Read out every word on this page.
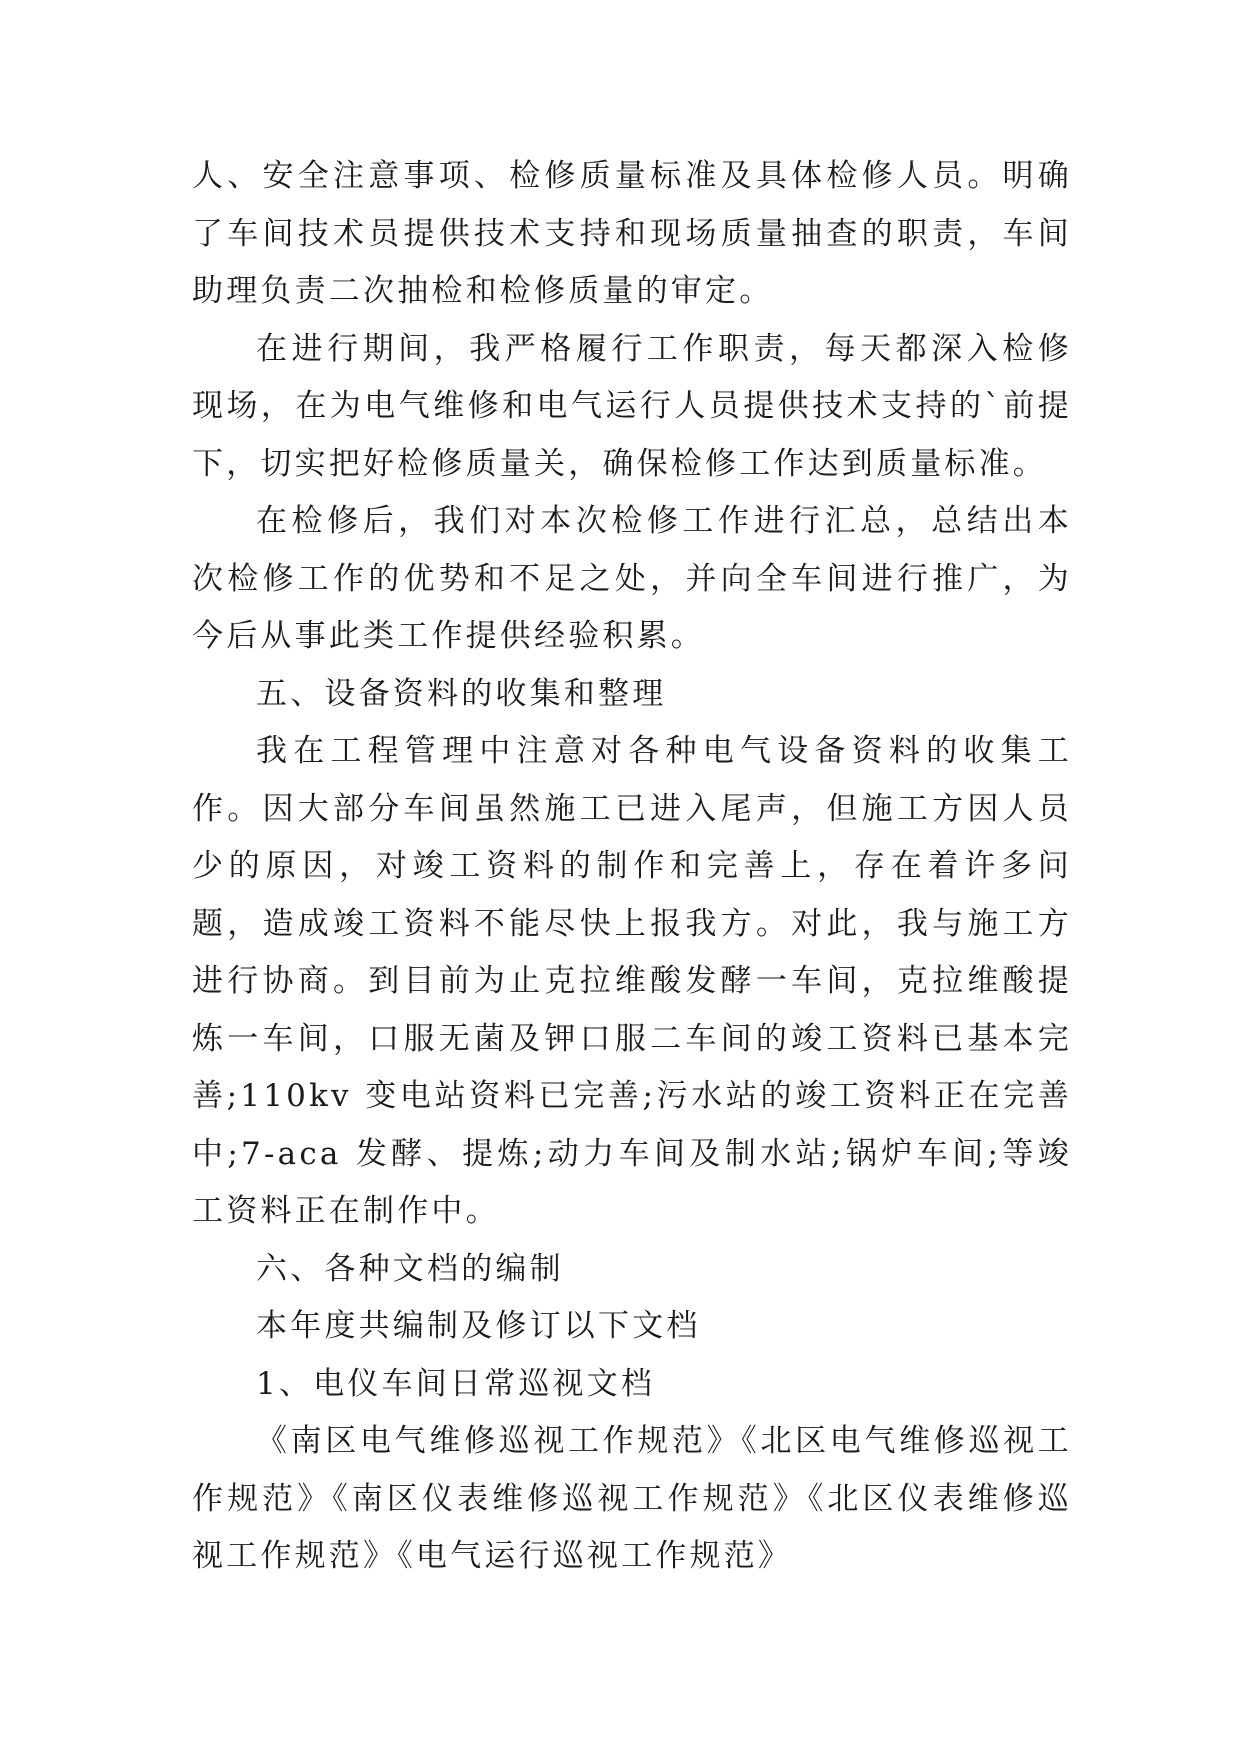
人、安全注意事项、检修质量标准及具体检修人员。明确了车间技术员提供技术支持和现场质量抽查的职责，车间助理负责二次抽检和检修质量的审定。

在进行期间，我严格履行工作职责，每天都深入检修现场，在为电气维修和电气运行人员提供技术支持的`前提下，切实把好检修质量关，确保检修工作达到质量标准。

在检修后，我们对本次检修工作进行汇总，总结出本次检修工作的优势和不足之处，并向全车间进行推广，为今后从事此类工作提供经验积累。

五、设备资料的收集和整理

我在工程管理中注意对各种电气设备资料的收集工作。因大部分车间虽然施工已进入尾声，但施工方因人员少的原因，对竣工资料的制作和完善上，存在着许多问题，造成竣工资料不能尽快上报我方。对此，我与施工方进行协商。到目前为止克拉维酸发酵一车间，克拉维酸提炼一车间，口服无菌及钾口服二车间的竣工资料已基本完善;110kv 变电站资料已完善;污水站的竣工资料正在完善中;7-aca 发酵、提炼;动力车间及制水站;锅炉车间;等竣工资料正在制作中。

六、各种文档的编制

本年度共编制及修订以下文档

1、电仪车间日常巡视文档

《南区电气维修巡视工作规范》《北区电气维修巡视工作规范》《南区仪表维修巡视工作规范》《北区仪表维修巡视工作规范》《电气运行巡视工作规范》
